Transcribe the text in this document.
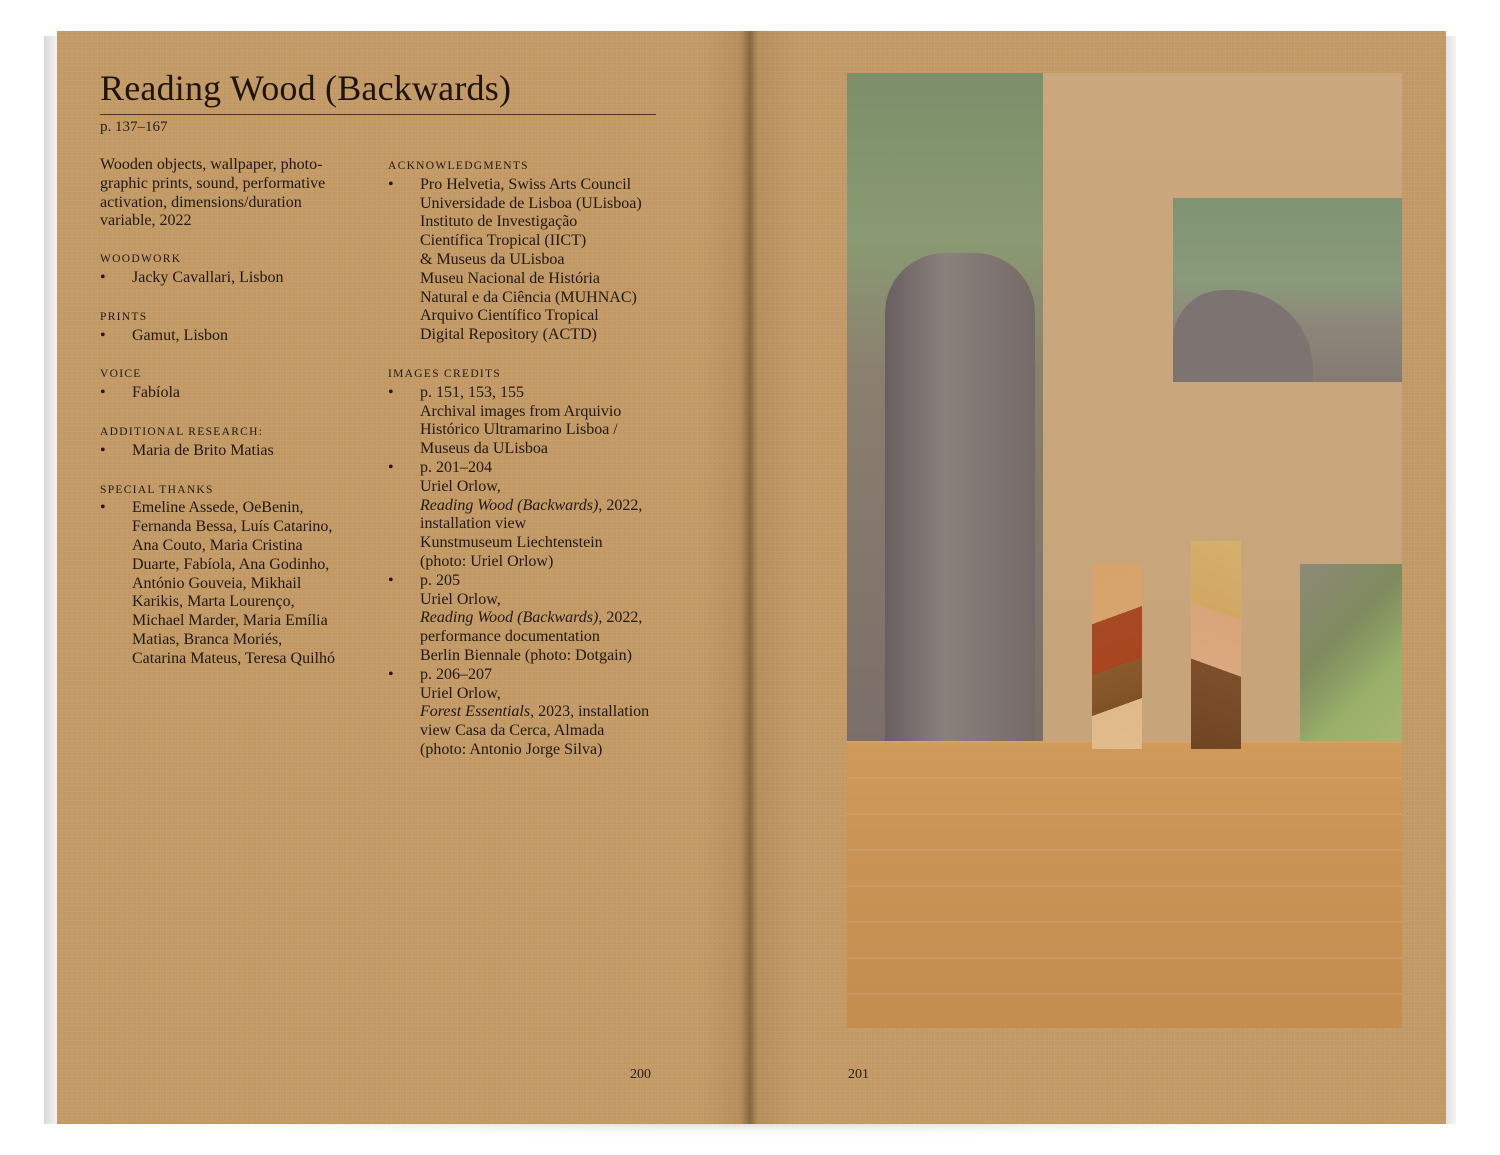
Reading Wood (Backwards)
p. 137–167
Wooden objects, wallpaper, photo-
graphic prints, sound, performative
activation, dimensions/duration
variable, 2022
WOODWORK
• Jacky Cavallari, Lisbon
PRINTS
• Gamut, Lisbon
VOICE
• Fabíola
ADDITIONAL RESEARCH:
• Maria de Brito Matias
SPECIAL THANKS
• Emeline Assede, OeBenin,
Fernanda Bessa, Luís Catarino,
Ana Couto, Maria Cristina
Duarte, Fabíola, Ana Godinho,
António Gouveia, Mikhail
Karikis, Marta Lourenço,
Michael Marder, Maria Emília
Matias, Branca Moriés,
Catarina Mateus, Teresa Quilhó
ACKNOWLEDGMENTS
• Pro Helvetia, Swiss Arts Council
Universidade de Lisboa (ULisboa)
Instituto de Investigação
Científica Tropical (IICT)
& Museus da ULisboa
Museu Nacional de História
Natural e da Ciência (MUHNAC)
Arquivo Científico Tropical
Digital Repository (ACTD)
IMAGES CREDITS
• p. 151, 153, 155
Archival images from Arquivio
Histórico Ultramarino Lisboa /
Museus da ULisboa
• p. 201–204
Uriel Orlow,
Reading Wood (Backwards), 2022,
installation view
Kunstmuseum Liechtenstein
(photo: Uriel Orlow)
• p. 205
Uriel Orlow,
Reading Wood (Backwards), 2022,
performance documentation
Berlin Biennale (photo: Dotgain)
• p. 206–207
Uriel Orlow,
Forest Essentials, 2023, installation
view Casa da Cerca, Almada
(photo: Antonio Jorge Silva)
200	201
